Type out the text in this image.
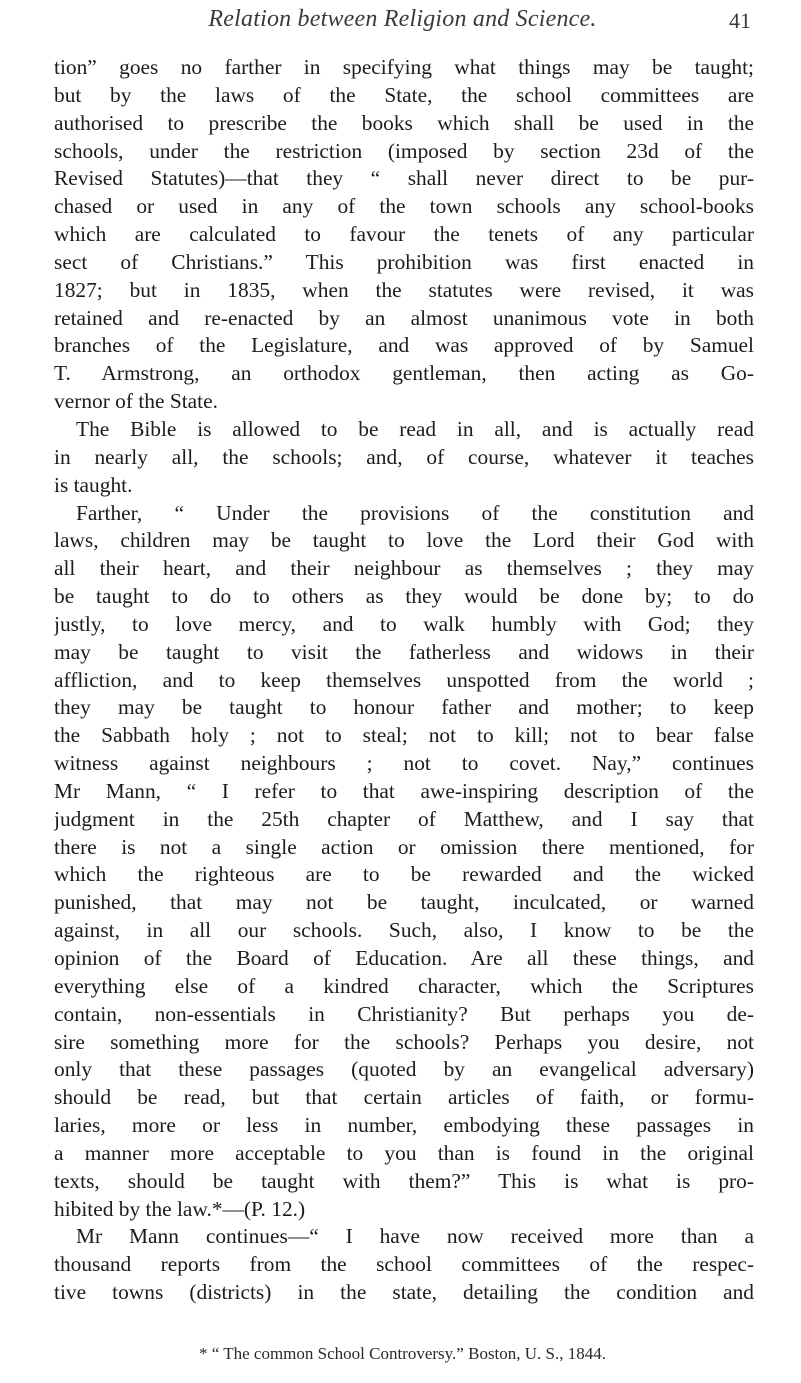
Relation between Religion and Science.	41
tion” goes no farther in specifying what things may be taught;
but by the laws of the State, the school committees are
authorised to prescribe the books which shall be used in the
schools, under the restriction (imposed by section 23d of the
Revised Statutes)—that they “ shall never direct to be pur-
chased or used in any of the town schools any school-books
which are calculated to favour the tenets of any particular
sect of Christians.” This prohibition was first enacted in
1827; but in 1835, when the statutes were revised, it was
retained and re-enacted by an almost unanimous vote in both
branches of the Legislature, and was approved of by Samuel
T. Armstrong, an orthodox gentleman, then acting as Go-
vernor of the State.
The Bible is allowed to be read in all, and is actually read
in nearly all, the schools; and, of course, whatever it teaches
is taught.
Farther, “ Under the provisions of the constitution and
laws, children may be taught to love the Lord their God with
all their heart, and their neighbour as themselves ; they may
be taught to do to others as they would be done by; to do
justly, to love mercy, and to walk humbly with God; they
may be taught to visit the fatherless and widows in their
affliction, and to keep themselves unspotted from the world ;
they may be taught to honour father and mother; to keep
the Sabbath holy ; not to steal; not to kill; not to bear false
witness against neighbours ; not to covet. Nay,” continues
Mr Mann, “ I refer to that awe-inspiring description of the
judgment in the 25th chapter of Matthew, and I say that
there is not a single action or omission there mentioned, for
which the righteous are to be rewarded and the wicked
punished, that may not be taught, inculcated, or warned
against, in all our schools. Such, also, I know to be the
opinion of the Board of Education. Are all these things, and
everything else of a kindred character, which the Scriptures
contain, non-essentials in Christianity? But perhaps you de-
sire something more for the schools? Perhaps you desire, not
only that these passages (quoted by an evangelical adversary)
should be read, but that certain articles of faith, or formu-
laries, more or less in number, embodying these passages in
a manner more acceptable to you than is found in the original
texts, should be taught with them?” This is what is pro-
hibited by the law.*—(P. 12.)
Mr Mann continues—“ I have now received more than a
thousand reports from the school committees of the respec-
tive towns (districts) in the state, detailing the condition and
* “ The common School Controversy.” Boston, U. S., 1844.
